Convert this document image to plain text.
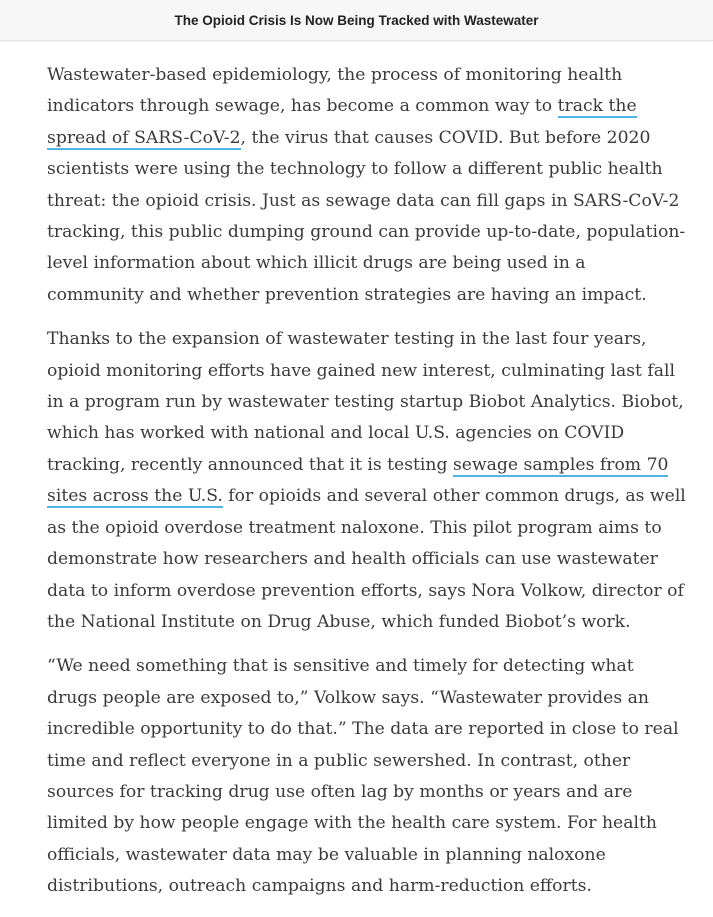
The Opioid Crisis Is Now Being Tracked with Wastewater

Wastewater-based epidemiology, the process of monitoring health indicators through sewage, has become a common way to track the spread of SARS-CoV-2, the virus that causes COVID. But before 2020 scientists were using the technology to follow a different public health threat: the opioid crisis. Just as sewage data can fill gaps in SARS-CoV-2 tracking, this public dumping ground can provide up-to-date, population-level information about which illicit drugs are being used in a community and whether prevention strategies are having an impact.

Thanks to the expansion of wastewater testing in the last four years, opioid monitoring efforts have gained new interest, culminating last fall in a program run by wastewater testing startup Biobot Analytics. Biobot, which has worked with national and local U.S. agencies on COVID tracking, recently announced that it is testing sewage samples from 70 sites across the U.S. for opioids and several other common drugs, as well as the opioid overdose treatment naloxone. This pilot program aims to demonstrate how researchers and health officials can use wastewater data to inform overdose prevention efforts, says Nora Volkow, director of the National Institute on Drug Abuse, which funded Biobot’s work.

“We need something that is sensitive and timely for detecting what drugs people are exposed to,” Volkow says. “Wastewater provides an incredible opportunity to do that.” The data are reported in close to real time and reflect everyone in a public sewershed. In contrast, other sources for tracking drug use often lag by months or years and are limited by how people engage with the health care system. For health officials, wastewater data may be valuable in planning naloxone distributions, outreach campaigns and harm-reduction efforts.
